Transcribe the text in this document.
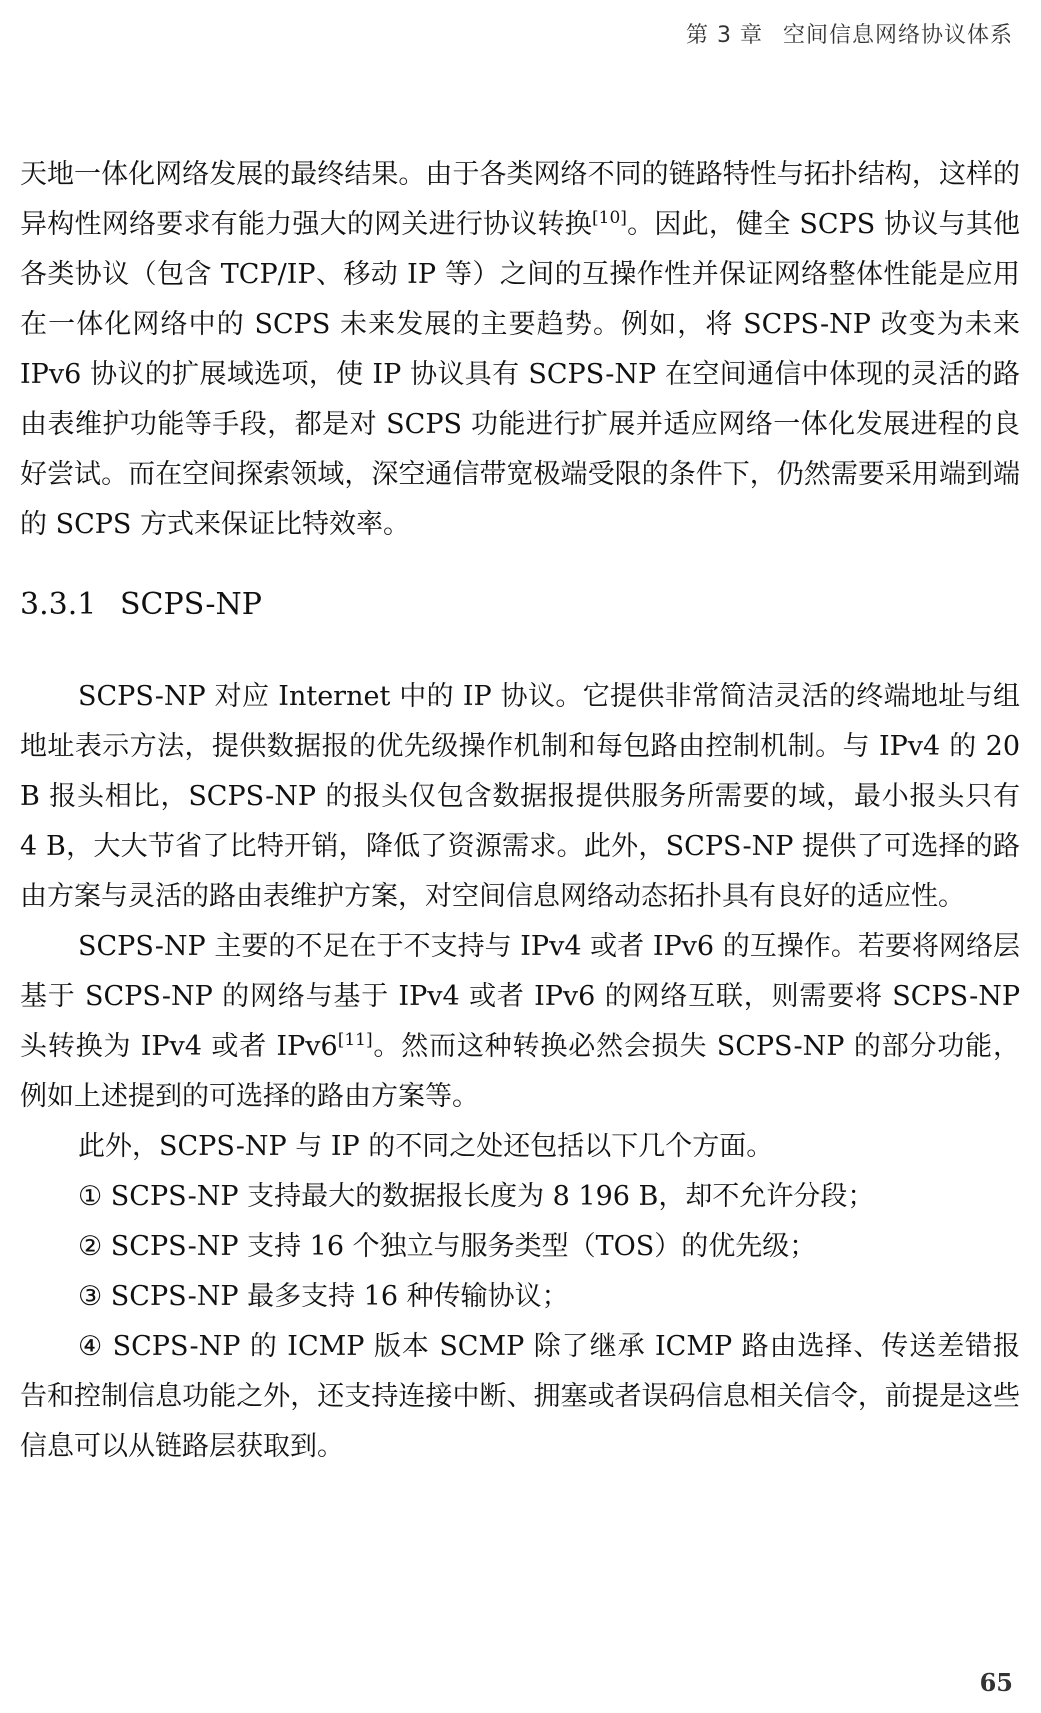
第 3 章 空间信息网络协议体系

天地一体化网络发展的最终结果。由于各类网络不同的链路特性与拓扑结构，这样的异构性网络要求有能力强大的网关进行协议转换[10]。因此，健全 SCPS 协议与其他各类协议（包含 TCP/IP、移动 IP 等）之间的互操作性并保证网络整体性能是应用在一体化网络中的 SCPS 未来发展的主要趋势。例如，将 SCPS-NP 改变为未来 IPv6 协议的扩展域选项，使 IP 协议具有 SCPS-NP 在空间通信中体现的灵活的路由表维护功能等手段，都是对 SCPS 功能进行扩展并适应网络一体化发展进程的良好尝试。而在空间探索领域，深空通信带宽极端受限的条件下，仍然需要采用端到端的 SCPS 方式来保证比特效率。

3.3.1 SCPS-NP

SCPS-NP 对应 Internet 中的 IP 协议。它提供非常简洁灵活的终端地址与组地址表示方法，提供数据报的优先级操作机制和每包路由控制机制。与 IPv4 的 20 B 报头相比，SCPS-NP 的报头仅包含数据报提供服务所需要的域，最小报头只有 4 B，大大节省了比特开销，降低了资源需求。此外，SCPS-NP 提供了可选择的路由方案与灵活的路由表维护方案，对空间信息网络动态拓扑具有良好的适应性。

SCPS-NP 主要的不足在于不支持与 IPv4 或者 IPv6 的互操作。若要将网络层基于 SCPS-NP 的网络与基于 IPv4 或者 IPv6 的网络互联，则需要将 SCPS-NP 头转换为 IPv4 或者 IPv6[11]。然而这种转换必然会损失 SCPS-NP 的部分功能，例如上述提到的可选择的路由方案等。

此外，SCPS-NP 与 IP 的不同之处还包括以下几个方面。

① SCPS-NP 支持最大的数据报长度为 8 196 B，却不允许分段；

② SCPS-NP 支持 16 个独立与服务类型（TOS）的优先级；

③ SCPS-NP 最多支持 16 种传输协议；

④ SCPS-NP 的 ICMP 版本 SCMP 除了继承 ICMP 路由选择、传送差错报告和控制信息功能之外，还支持连接中断、拥塞或者误码信息相关信令，前提是这些信息可以从链路层获取到。

65
